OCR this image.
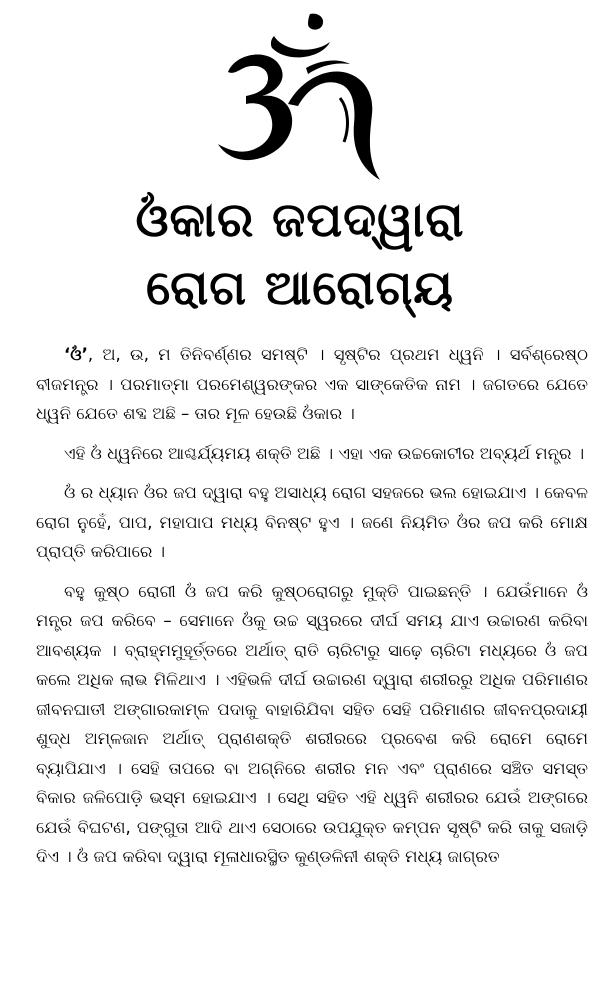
ଓଁକାର ଜପଦ୍ୱାରା
ରୋଗ ଆରୋଗ୍ୟ

‘ଓଁ’, ଅ, ଉ, ମ ତିନିବର୍ଣ୍ଣର ସମଷ୍ଟି । ସୃଷ୍ଟିର ପ୍ରଥମ ଧ୍ୱନି । ସର୍ବଶ୍ରେଷ୍ଠ ବୀଜମନ୍ତ୍ର । ପରମାତ୍ମା ପରମେଶ୍ୱରଙ୍କର ଏକ ସାଙ୍କେତିକ ନାମ । ଜଗତରେ ଯେତେ ଧ୍ୱନି ଯେତେ ଶବ୍ଦ ଅଛି – ତାର ମୂଳ ହେଉଛି ଓଁକାର ।

ଏହି ଓଁ ଧ୍ୱନିରେ ଆଶ୍ଚର୍ଯ୍ୟମୟ ଶକ୍ତି ଅଛି । ଏହା ଏକ ଉଚ୍ଚକୋଟୀର ଅବ୍ୟର୍ଥ ମନ୍ତ୍ର ।

ଓଁ ର ଧ୍ୟାନ ଓଁର ଜପ ଦ୍ୱାରା ବହୁ ଅସାଧ୍ୟ ରୋଗ ସହଜରେ ଭଲ ହୋଇଯାଏ । କେବଳ ରୋଗ ନୁହେଁ, ପାପ, ମହାପାପ ମଧ୍ୟ ବିନଷ୍ଟ ହୁଏ । ଜଣେ ନିୟମିତ ଓଁର ଜପ କରି ମୋକ୍ଷ ପ୍ରାପ୍ତି କରିପାରେ ।

ବହୁ କୁଷ୍ଠ ରୋଗୀ ଓଁ ଜପ କରି କୁଷ୍ଠରୋଗରୁ ମୁକ୍ତି ପାଇଛନ୍ତି । ଯେଉଁମାନେ ଓଁ ମନ୍ତ୍ର ଜପ କରିବେ – ସେମାନେ ଓଁକୁ ଉଚ୍ଚ ସ୍ୱରରେ ଦୀର୍ଘ ସମୟ ଯାଏ ଉଚ୍ଚାରଣ କରିବା ଆବଶ୍ୟକ । ବ୍ରାହ୍ମମୁହୂର୍ତ୍ତରେ ଅର୍ଥାତ୍ ରାତି ଚାରିଟାରୁ ସାଢ଼େ ଚାରିଟା ମଧ୍ୟରେ ଓଁ ଜପ କଲେ ଅଧିକ ଲାଭ ମିଳିଥାଏ । ଏହିଭଳି ଦୀର୍ଘ ଉଚ୍ଚାରଣ ଦ୍ୱାରା ଶରୀରରୁ ଅଧିକ ପରିମାଣର ଜୀବନଘାତୀ ଅଙ୍ଗାରକାମ୍ଳ ପଦାକୁ ବାହାରିଯିବା ସହିତ ସେହି ପରିମାଣର ଜୀବନପ୍ରଦାୟୀ ଶୁଦ୍ଧ ଅମ୍ଳଜାନ ଅର୍ଥାତ୍ ପ୍ରାଣଶକ୍ତି ଶରୀରରେ ପ୍ରବେଶ କରି ରୋମେ ରୋମେ ବ୍ୟାପିଯାଏ । ସେହି ତାପରେ ବା ଅଗ୍ନିରେ ଶରୀର ମନ ଏବଂ ପ୍ରାଣରେ ସଞ୍ଚିତ ସମସ୍ତ ବିକାର ଜଳିପୋଡ଼ି ଭସ୍ମ ହୋଇଯାଏ । ସେଥି ସହିତ ଏହି ଧ୍ୱନି ଶରୀରର ଯେଉଁ ଅଙ୍ଗରେ ଯେଉଁ ବିଘଟଣ, ପଙ୍ଗୁତା ଆଦି ଥାଏ ସେଠାରେ ଉପଯୁକ୍ତ କମ୍ପନ ସୃଷ୍ଟି କରି ତାକୁ ସଜାଡ଼ି ଦିଏ । ଓଁ ଜପ କରିବା ଦ୍ୱାରା ମୂଳାଧାରସ୍ଥିତ କୁଣ୍ଡଳିନୀ ଶକ୍ତି ମଧ୍ୟ ଜାଗ୍ରତ
